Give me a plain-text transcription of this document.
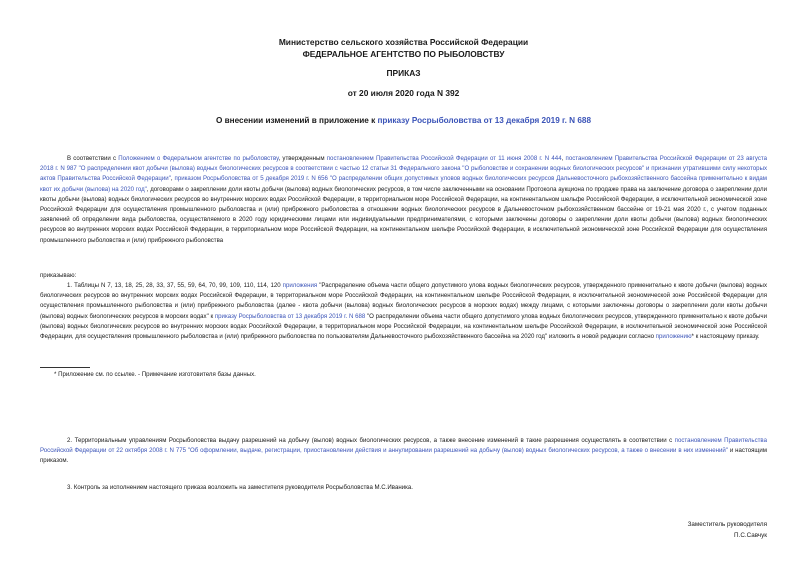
Министерство сельского хозяйства Российской Федерации
ФЕДЕРАЛЬНОЕ АГЕНТСТВО ПО РЫБОЛОВСТВУ
ПРИКАЗ
от 20 июля 2020 года N 392
О внесении изменений в приложение к приказу Росрыболовства от 13 декабря 2019 г. N 688
В соответствии с Положением о Федеральном агентстве по рыболовству, утвержденным постановлением Правительства Российской Федерации от 11 июня 2008 г. N 444, постановлением Правительства Российской Федерации от 23 августа 2018 г. N 987 "О распределении квот добычи (вылова) водных биологических ресурсов в соответствии с частью 12 статьи 31 Федерального закона "О рыболовстве и сохранении водных биологических ресурсов" и признании утратившими силу некоторых актов Правительства Российской Федерации", приказом Росрыболовства от 5 декабря 2019 г. N 656 "О распределении общих допустимых уловов водных биологических ресурсов Дальневосточного рыбохозяйственного бассейна применительно к видам квот их добычи (вылова) на 2020 год", договорами о закреплении доли квоты добычи (вылова) водных биологических ресурсов, в том числе заключенными на основании Протокола аукциона по продаже права на заключение договора о закреплении доли квоты добычи (вылова) водных биологических ресурсов во внутренних морских водах Российской Федерации, в территориальном море Российской Федерации, на континентальном шельфе Российской Федерации, в исключительной экономической зоне Российской Федерации для осуществления промышленного рыболовства и (или) прибрежного рыболовства в отношении водных биологических ресурсов в Дальневосточном рыбохозяйственном бассейне от 19-21 мая 2020 г., с учетом поданных заявлений об определении вида рыболовства, осуществляемого в 2020 году юридическими лицами или индивидуальными предпринимателями, с которыми заключены договоры о закреплении доли квоты добычи (вылова) водных биологических ресурсов во внутренних морских водах Российской Федерации, в территориальном море Российской Федерации, на континентальном шельфе Российской Федерации, в исключительной экономической зоне Российской Федерации для осуществления промышленного рыболовства и (или) прибрежного рыболовства
приказываю:
1. Таблицы N 7, 13, 18, 25, 28, 33, 37, 55, 59, 64, 70, 99, 109, 110, 114, 120 приложения "Распределение объема части общего допустимого улова водных биологических ресурсов, утвержденного применительно к квоте добычи (вылова) водных биологических ресурсов во внутренних морских водах Российской Федерации, в территориальном море Российской Федерации, на континентальном шельфе Российской Федерации, в исключительной экономической зоне Российской Федерации для осуществления промышленного рыболовства и (или) прибрежного рыболовства (далее - квота добычи (вылова) водных биологических ресурсов в морских водах) между лицами, с которыми заключены договоры о закреплении доли квоты добычи (вылова) водных биологических ресурсов в морских водах" к приказу Росрыболовства от 13 декабря 2019 г. N 688 "О распределении объема части общего допустимого улова водных биологических ресурсов, утвержденного применительно к квоте добычи (вылова) водных биологических ресурсов во внутренних морских водах Российской Федерации, в территориальном море Российской Федерации, на континентальном шельфе Российской Федерации, в исключительной экономической зоне Российской Федерации, для осуществления промышленного рыболовства и (или) прибрежного рыболовства по пользователям Дальневосточного рыбохозяйственного бассейна на 2020 год" изложить в новой редакции согласно приложению* к настоящему приказу.
* Приложение см. по ссылке. - Примечание изготовителя базы данных.
2. Территориальным управлениям Росрыболовства выдачу разрешений на добычу (вылов) водных биологических ресурсов, а также внесение изменений в такие разрешения осуществлять в соответствии с постановлением Правительства Российской Федерации от 22 октября 2008 г. N 775 "Об оформлении, выдаче, регистрации, приостановлении действия и аннулировании разрешений на добычу (вылов) водных биологических ресурсов, а также о внесении в них изменений" и настоящим приказом.
3. Контроль за исполнением настоящего приказа возложить на заместителя руководителя Росрыболовства М.С.Иваника.
Заместитель руководителя
П.С.Савчук
